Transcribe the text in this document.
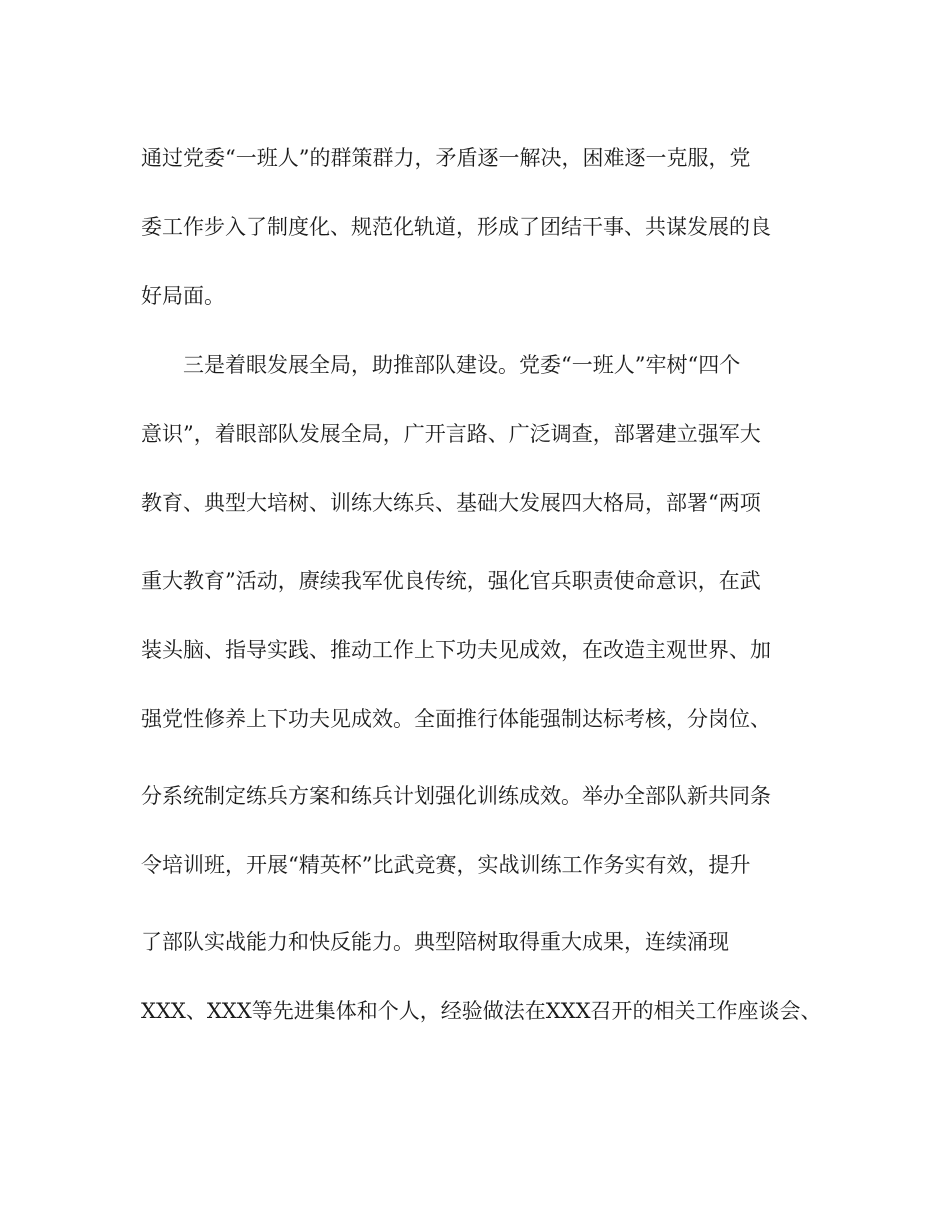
通过党委“一班人”的群策群力，矛盾逐一解决，困难逐一克服，党
委工作步入了制度化、规范化轨道，形成了团结干事、共谋发展的良
好局面。
三是着眼发展全局，助推部队建设。党委“一班人”牢树“四个
意识”，着眼部队发展全局，广开言路、广泛调查，部署建立强军大
教育、典型大培树、训练大练兵、基础大发展四大格局，部署“两项
重大教育”活动，赓续我军优良传统，强化官兵职责使命意识，在武
装头脑、指导实践、推动工作上下功夫见成效，在改造主观世界、加
强党性修养上下功夫见成效。全面推行体能强制达标考核，分岗位、
分系统制定练兵方案和练兵计划强化训练成效。举办全部队新共同条
令培训班，开展“精英杯”比武竞赛，实战训练工作务实有效，提升
了部队实战能力和快反能力。典型陪树取得重大成果，连续涌现
XXX、XXX等先进集体和个人，经验做法在XXX召开的相关工作座谈会、
